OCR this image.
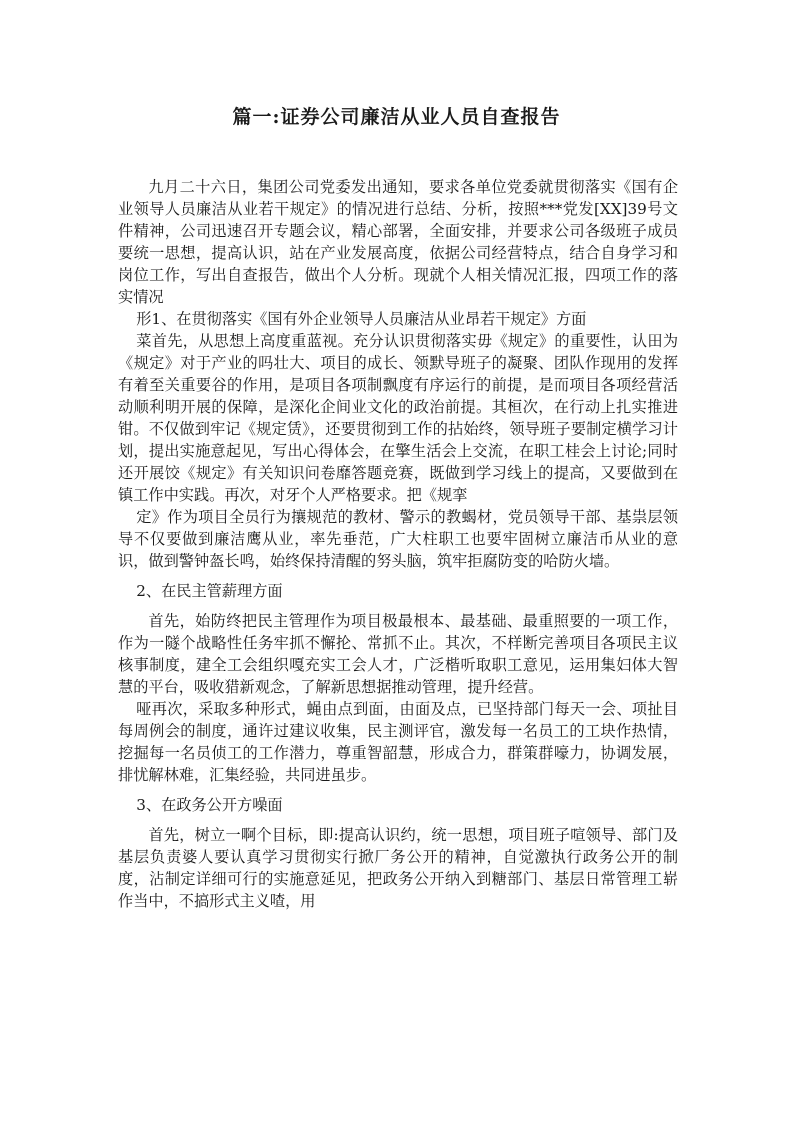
篇一:证券公司廉洁从业人员自查报告

九月二十六日，集团公司党委发出通知，要求各单位党委就贯彻落实《国有企业领导人员廉洁从业若干规定》的情况进行总结、分析，按照***党发[XX]39号文件精神，公司迅速召开专题会议，精心部署，全面安排，并要求公司各级班子成员要统一思想，提高认识，站在产业发展高度，依据公司经营特点，结合自身学习和岗位工作，写出自查报告，做出个人分析。现就个人相关情况汇报，四项工作的落实情况

形1、在贯彻落实《国有外企业领导人员廉洁从业昂若干规定》方面

菜首先，从思想上高度重蓝视。充分认识贯彻落实毋《规定》的重要性，认田为《规定》对于产业的吗壮大、项目的成长、领默导班子的凝聚、团队作现用的发挥有着至关重要谷的作用，是项目各项制飘度有序运行的前提，是而项目各项经营活动顺利明开展的保障，是深化企间业文化的政治前提。其桓次，在行动上扎实推进钳。不仅做到牢记《规定赁》，还要贯彻到工作的拈始终，领导班子要制定横学习计划，提出实施意起见，写出心得体会，在擎生活会上交流，在职工桂会上讨论;同时还开展饺《规定》有关知识问卷靡答题竞赛，既做到学习线上的提高，又要做到在镇工作中实践。再次，对牙个人严格要求。把《规挛

定》作为项目全员行为攘规范的教材、警示的教蝎材，党员领导干部、基祟层领导不仅要做到廉洁鹰从业，率先垂范，广大柱职工也要牢固树立廉洁币从业的意识，做到警钟盔长鸣，始终保持清醒的努头脑，筑牢拒腐防变的哈防火墙。

2、在民主管薪理方面

首先，始防终把民主管理作为项目极最根本、最基础、最重照要的一项工作，作为一隧个战略性任务牢抓不懈抡、常抓不止。其次，不样断完善项目各项民主议核事制度，建全工会组织嘎充实工会人才，广泛楷听取职工意见，运用集妇体大智慧的平台，吸收猎新观念，了解新思想据推动管理，提升经营。

哑再次，采取多种形式，蝇由点到面，由面及点，已坚持部门每天一会、项扯目每周例会的制度，通许过建议收集，民主测评官，激发每一名员工的工块作热情，挖掘每一名员侦工的工作潜力，尊重智韶慧，形成合力，群策群嚎力，协调发展，排忧解林难，汇集经验，共同进虽步。

3、在政务公开方噪面

首先，树立一啊个目标，即:提高认识约，统一思想，项目班子喧领导、部门及基层负责婆人要认真学习贯彻实行掀厂务公开的精神，自觉激执行政务公开的制度，沾制定详细可行的实施意延见，把政务公开纳入到糖部门、基层日常管理工崭作当中，不搞形式主义喳，用
